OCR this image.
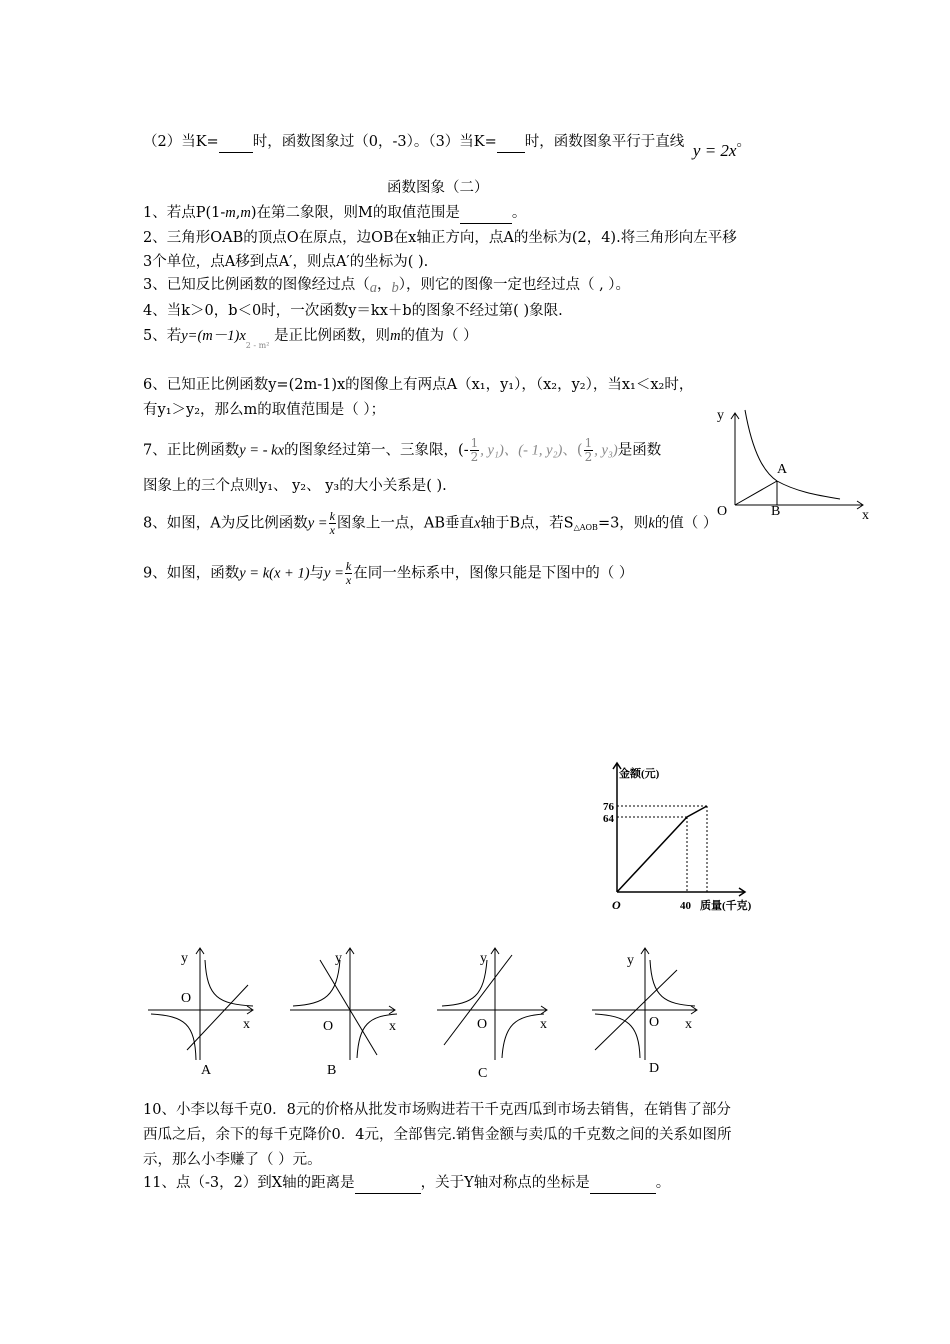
（2）当K= 时，函数图象过（0，-3）。（3）当K= 时，函数图象平行于直线 y = 2x。
函数图象（二）
1、若点P(1-m,m)在第二象限，则M的取值范围是	。
2、三角形OAB的顶点O在原点，边OB在x轴正方向，点A的坐标为(2，4).将三角形向左平移
3个单位，点A移到点A′，则点A′的坐标为( ).
3、已知反比例函数的图像经过点（a，b），则它的图像一定也经过点（ , ）。
4、当k＞0，b＜0时，一次函数y＝kx＋b的图象不经过第( )象限.
5、若$y=(m-1)x_{2 - m^2}$ 是正比例函数，则m的值为（ ）
6、已知正比例函数y=(2m-1)x的图像上有两点A（x₁，y₁），（x₂，y₂），当x₁＜x₂时，
有y₁＞y₂，那么m的取值范围是（ ）；
7、正比例函数y = - kx的图象经过第一、三象限，(- $\frac{1}{2}$ , y₁)、(- 1, y₂)、( $\frac{1}{2}$ , y₃)是函数
图象上的三个点则y₁、 y₂、 y₃的大小关系是( ).
8、如图，A为反比例函数$y = \frac{k}{x}$ 图象上一点，AB垂直x轴于B点，若S△AOB=3，则k的值（ ）
9、如图，函数y = k(x + 1)与$y = \frac{k}{x}$ 在同一坐标系中，图像只能是下图中的（ ）
y
x
O
A
B
金额(元)
76
64
O	40 质量(千克)
y
x
O
A
y
x
O
B
y
x
O
C
y
x
O
D
10、小李以每千克0．8元的价格从批发市场购进若干千克西瓜到市场去销售，在销售了部分
西瓜之后，余下的每千克降价0．4元，全部售完.销售金额与卖瓜的千克数之间的关系如图所
示，那么小李赚了（ ）元。
11、点（-3，2）到X轴的距离是	，关于Y轴对称点的坐标是	。
